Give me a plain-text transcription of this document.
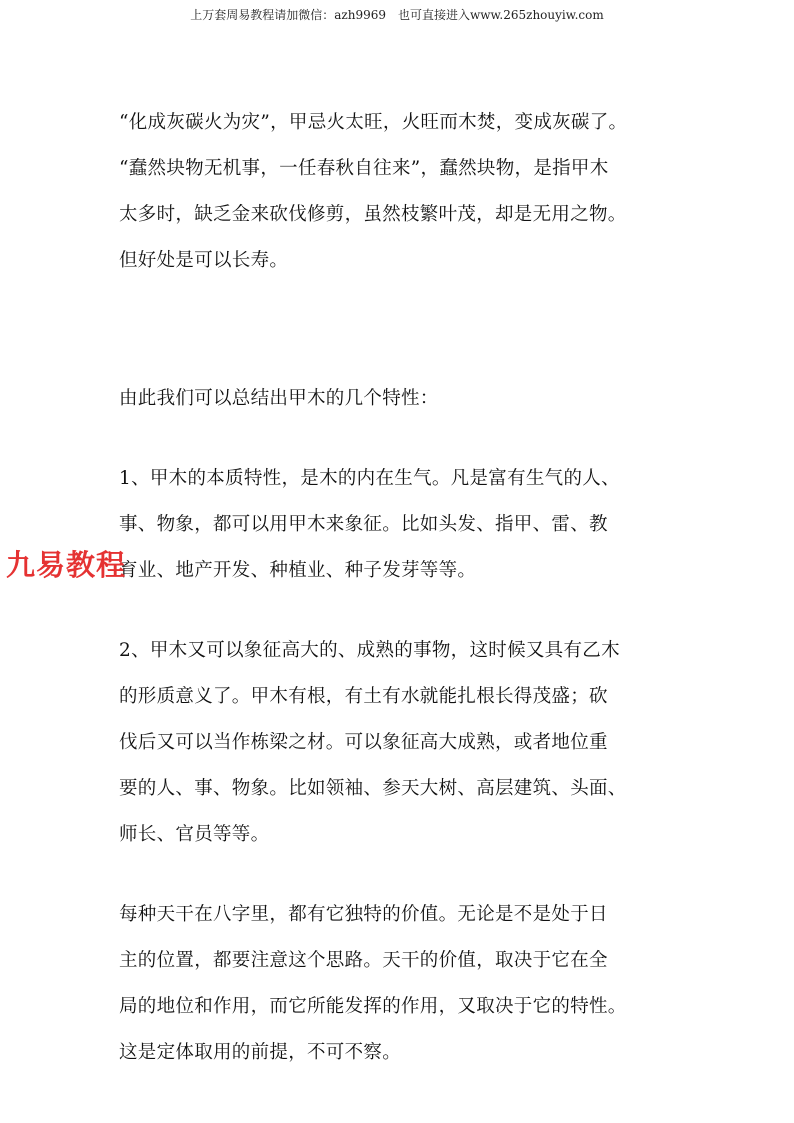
上万套周易教程请加微信：azh9969　也可直接进入www.265zhouyiw.com

“化成灰碳火为灾”，甲忌火太旺，火旺而木焚，变成灰碳了。
“蠢然块物无机事，一任春秋自往来”，蠢然块物，是指甲木
太多时，缺乏金来砍伐修剪，虽然枝繁叶茂，却是无用之物。
但好处是可以长寿。

由此我们可以总结出甲木的几个特性：

1、甲木的本质特性，是木的内在生气。凡是富有生气的人、
事、物象，都可以用甲木来象征。比如头发、指甲、雷、教
育业、地产开发、种植业、种子发芽等等。

2、甲木又可以象征高大的、成熟的事物，这时候又具有乙木
的形质意义了。甲木有根，有土有水就能扎根长得茂盛；砍
伐后又可以当作栋梁之材。可以象征高大成熟，或者地位重
要的人、事、物象。比如领袖、参天大树、高层建筑、头面、
师长、官员等等。

每种天干在八字里，都有它独特的价值。无论是不是处于日
主的位置，都要注意这个思路。天干的价值，取决于它在全
局的地位和作用，而它所能发挥的作用，又取决于它的特性。
这是定体取用的前提，不可不察。

九易教程
